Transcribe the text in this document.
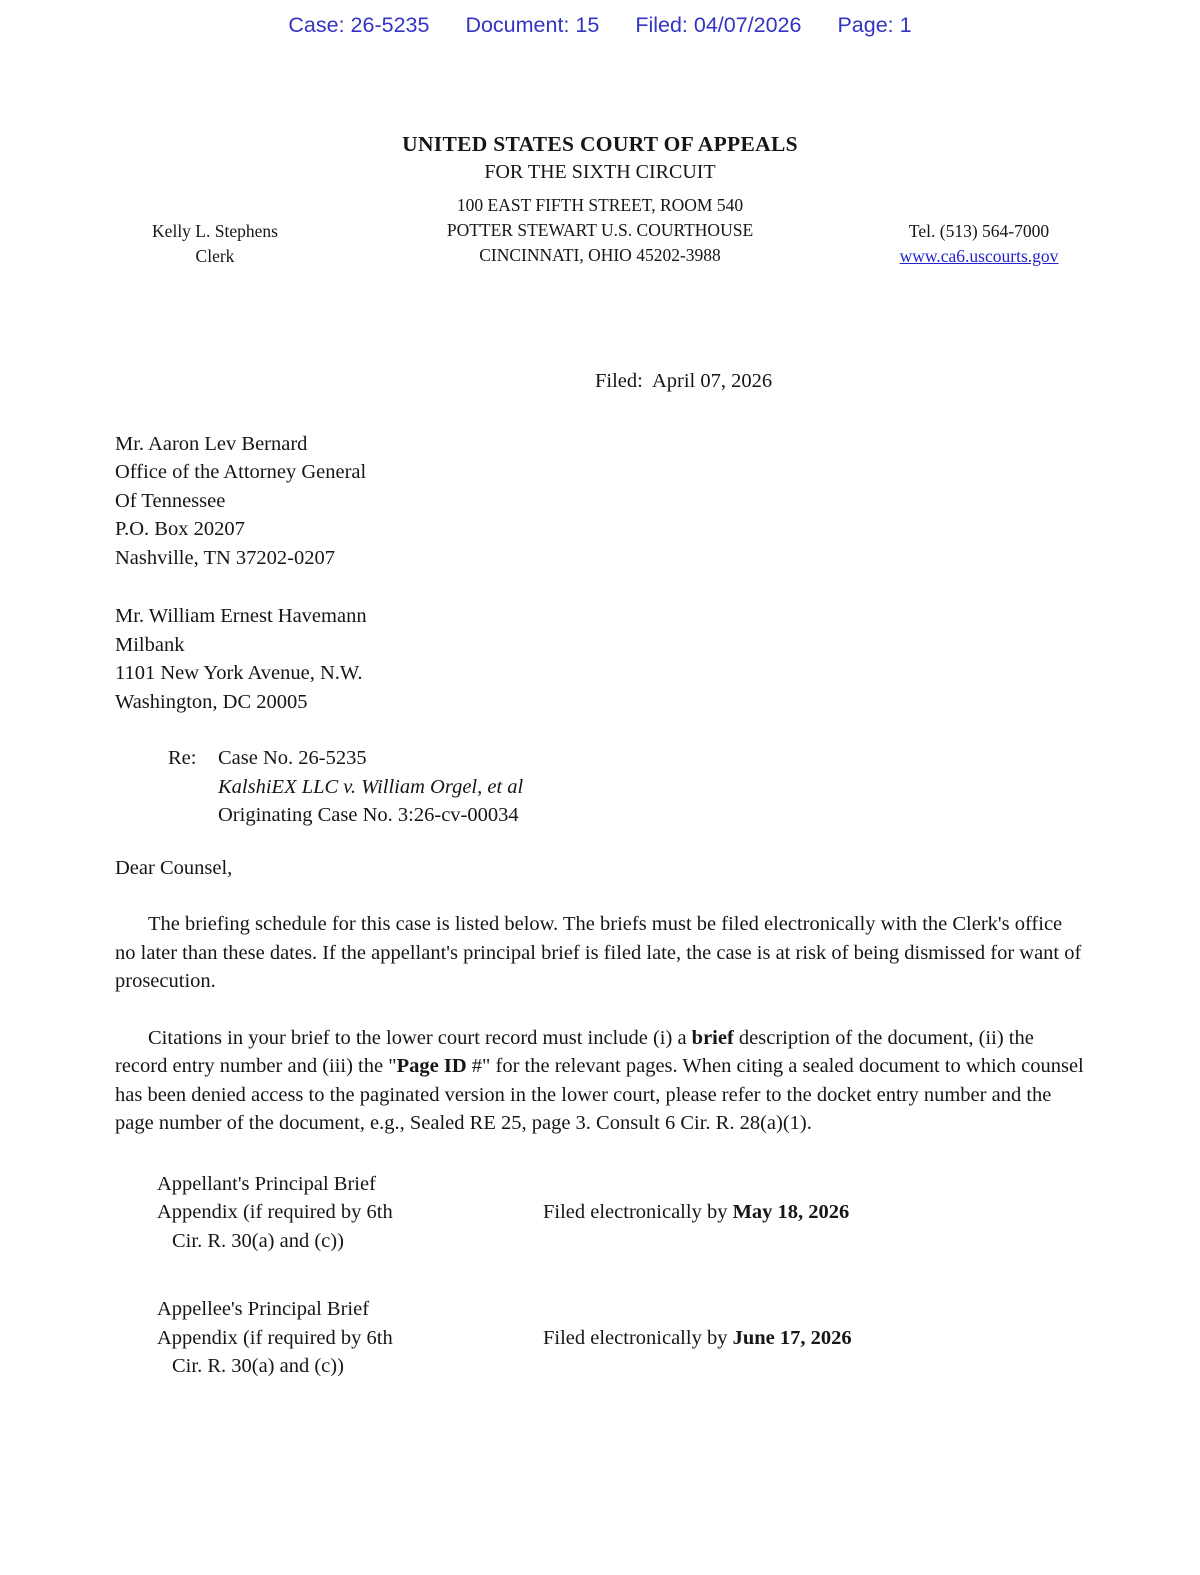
Case: 26-5235 Document: 15 Filed: 04/07/2026 Page: 1
UNITED STATES COURT OF APPEALS
FOR THE SIXTH CIRCUIT
Kelly L. Stephens
Clerk
100 EAST FIFTH STREET, ROOM 540
POTTER STEWART U.S. COURTHOUSE
CINCINNATI, OHIO 45202-3988
Tel. (513) 564-7000
www.ca6.uscourts.gov
Filed:  April 07, 2026
Mr. Aaron Lev Bernard
Office of the Attorney General
Of Tennessee
P.O. Box 20207
Nashville, TN 37202-0207
Mr. William Ernest Havemann
Milbank
1101 New York Avenue, N.W.
Washington, DC 20005
Re:	Case No. 26-5235
KalshiEX LLC v. William Orgel, et al
Originating Case No. 3:26-cv-00034
Dear Counsel,

The briefing schedule for this case is listed below. The briefs must be filed electronically with the Clerk's office no later than these dates. If the appellant's principal brief is filed late, the case is at risk of being dismissed for want of prosecution.

Citations in your brief to the lower court record must include (i) a brief description of the document, (ii) the record entry number and (iii) the "Page ID #" for the relevant pages. When citing a sealed document to which counsel has been denied access to the paginated version in the lower court, please refer to the docket entry number and the page number of the document, e.g., Sealed RE 25, page 3. Consult 6 Cir. R. 28(a)(1).

Appellant's Principal Brief
Appendix (if required by 6th
Cir. R. 30(a) and (c))
Filed electronically by May 18, 2026
Appellee's Principal Brief
Appendix (if required by 6th
Cir. R. 30(a) and (c))
Filed electronically by June 17, 2026
